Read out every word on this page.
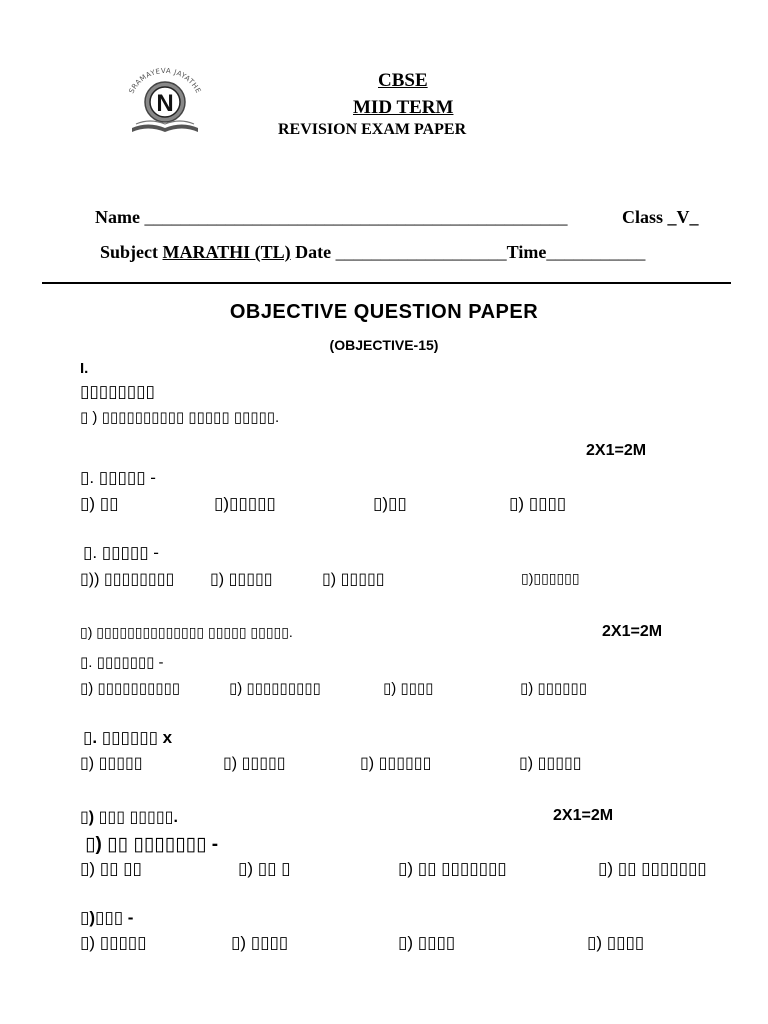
SRAMAYEVA JAYATHE
N
CBSE
MID TERM
REVISION EXAM PAPER
Name _______________________________________________	Class _V_
Subject MARATHI (TL) Date ___________________Time___________
OBJECTIVE QUESTION PAPER
(OBJECTIVE-15)
I.
▯▯▯▯▯▯▯▯
▯ ) ▯▯▯▯▯▯▯▯▯▯ ▯▯▯▯▯ ▯▯▯▯▯.
2X1=2M
▯. ▯▯▯▯▯ -
▯) ▯▯	▯)▯▯▯▯▯	▯)▯▯	▯) ▯▯▯▯
▯. ▯▯▯▯▯ -
▯)) ▯▯▯▯▯▯▯▯ ▯) ▯▯▯▯▯	▯) ▯▯▯▯▯	▯)▯▯▯▯▯▯
▯) ▯▯▯▯▯▯▯▯▯▯▯▯▯▯ ▯▯▯▯▯ ▯▯▯▯▯.	2X1=2M
▯. ▯▯▯▯▯▯▯ -
▯) ▯▯▯▯▯▯▯▯▯▯	▯) ▯▯▯▯▯▯▯▯▯	▯) ▯▯▯▯	▯) ▯▯▯▯▯▯
▯. ▯▯▯▯▯▯ x
▯) ▯▯▯▯▯	▯) ▯▯▯▯▯	▯) ▯▯▯▯▯▯	▯) ▯▯▯▯▯
▯) ▯▯▯ ▯▯▯▯▯.	2X1=2M
▯) ▯▯ ▯▯▯▯▯▯▯ -
▯) ▯▯ ▯▯	▯) ▯▯ ▯	▯) ▯▯ ▯▯▯▯▯▯▯	▯) ▯▯ ▯▯▯▯▯▯▯
▯)▯▯▯ -
▯) ▯▯▯▯▯	▯) ▯▯▯▯	▯) ▯▯▯▯	▯) ▯▯▯▯
